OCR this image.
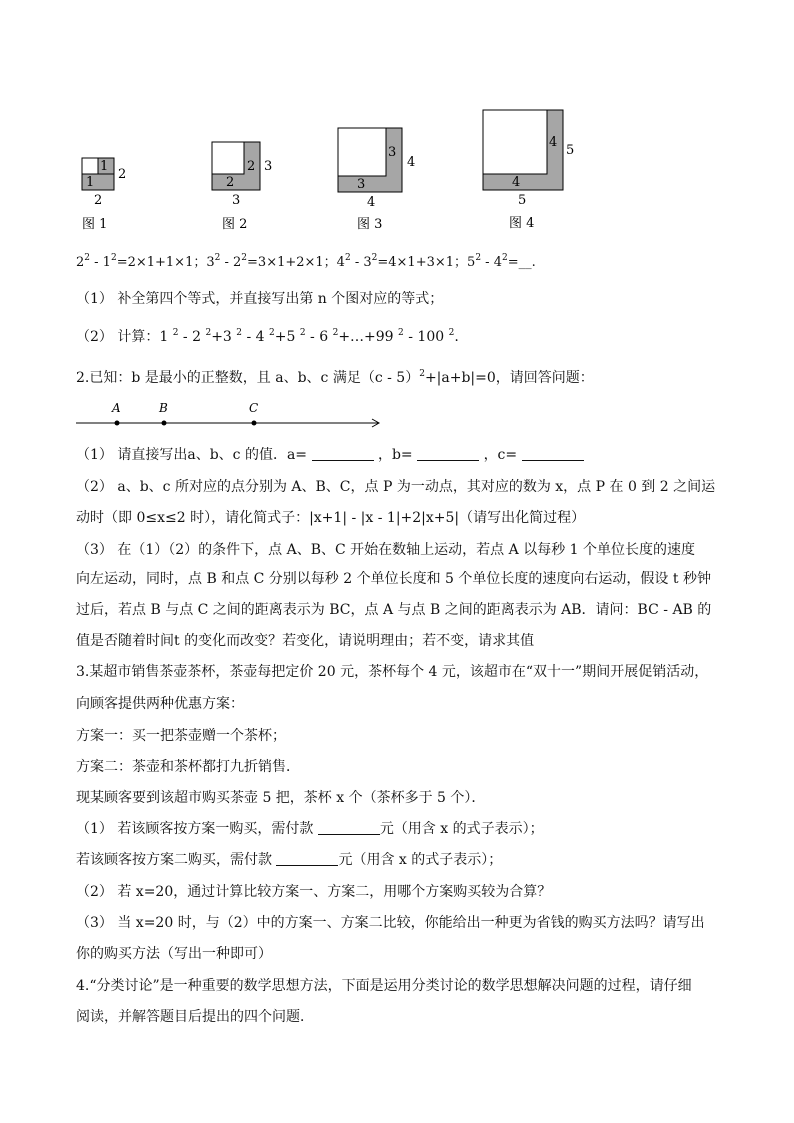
1
1
2
2
图 1
2
2
3
3
图 2
3
3
4
4
图 3
4
4
5
5
图 4
$2^2 - 1^2=2\times 1+1\times 1$；$3^2 - 2^2=3\times 1+2\times 1$；$4^2 - 3^2=4\times 1+3\times 1$；$5^2$ - $4^2=\_\_$.
（1） 补全第四个等式，并直接写出第 n 个图对应的等式；
（2） 计算：1 $^2$ - 2 $^2$+3 $^2$ - 4 $^2$+5 $^2$ - 6 $^2$+…+99 $^2$ - 100 $^2$.
2.已知：b 是最小的正整数，且 a、b、c 满足（c - 5）$^2$+|a+b|=0，请回答问题：
A	B	C
（1） 请直接写出a、b、c 的值．a=	，b=	，c=
（2） a、b、c 所对应的点分别为 A、B、C，点 P 为一动点，其对应的数为 x，点 P 在 0 到 2 之间运
动时（即 0≤x≤2 时），请化简式子：|x+1| - |x - 1|+2|x+5|（请写出化简过程）
（3） 在（1）（2）的条件下，点 A、B、C 开始在数轴上运动，若点 A 以每秒 1 个单位长度的速度
向左运动，同时，点 B 和点 C 分别以每秒 2 个单位长度和 5 个单位长度的速度向右运动，假设 t 秒钟
过后，若点 B 与点 C 之间的距离表示为 BC，点 A 与点 B 之间的距离表示为 AB．请问：BC - AB 的
值是否随着时间t 的变化而改变？若变化，请说明理由；若不变，请求其值
3.某超市销售茶壶茶杯，茶壶每把定价 20 元，茶杯每个 4 元，该超市在“双十一”期间开展促销活动，
向顾客提供两种优惠方案：
方案一：买一把茶壶赠一个茶杯；
方案二：茶壶和茶杯都打九折销售．
现某顾客要到该超市购买茶壶 5 把，茶杯 x 个（茶杯多于 5 个）．
（1） 若该顾客按方案一购买，需付款	元（用含 x 的式子表示）；
若该顾客按方案二购买，需付款	元（用含 x 的式子表示）；
（2） 若 x=20，通过计算比较方案一、方案二，用哪个方案购买较为合算？
（3） 当 x=20 时，与（2）中的方案一、方案二比较，你能给出一种更为省钱的购买方法吗？请写出
你的购买方法（写出一种即可）
4.“分类讨论”是一种重要的数学思想方法，下面是运用分类讨论的数学思想解决问题的过程，请仔细
阅读，并解答题目后提出的四个问题．
